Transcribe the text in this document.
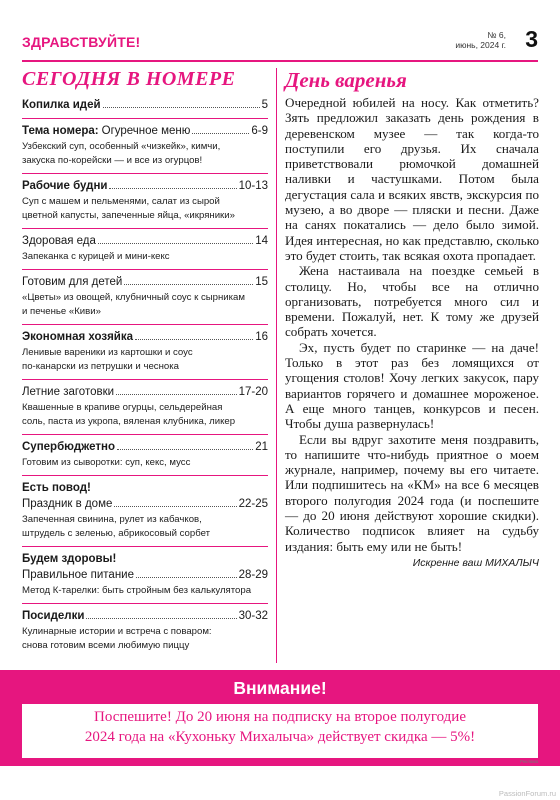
ЗДРАВСТВУЙТЕ!	№ 6,
июнь, 2024 г. 3
СЕГОДНЯ В НОМЕРЕ
Копилка идей	5
Тема номера: Огуречное меню	6-9
Узбекский суп, особенный «чизкейк», кимчи,
закуска по-корейски — и все из огурцов!
Рабочие будни	10-13
Суп с машем и пельменями, салат из сырой
цветной капусты, запеченные яйца, «икряники»
Здоровая еда	14
Запеканка с курицей и мини-кекс
Готовим для детей	15
«Цветы» из овощей, клубничный соус к сырникам
и печенье «Киви»
Экономная хозяйка	16
Ленивые вареники из картошки и соус
по-канарски из петрушки и чеснока
Летние заготовки	17-20
Квашенные в крапиве огурцы, сельдерейная
соль, паста из укропа, вяленая клубника, ликер
Супербюджетно	21
Готовим из сыворотки: суп, кекс, мусс
Есть повод!
Праздник в доме	22-25
Запеченная свинина, рулет из кабачков,
штрудель с зеленью, абрикосовый сорбет
Будем здоровы!
Правильное питание	28-29
Метод К-тарелки: быть стройным без калькулятора
Посиделки	30-32
Кулинарные истории и встреча с поваром:
снова готовим всеми любимую пиццу
День варенья

Очередной юбилей на носу. Как отметить? Зять предложил заказать день рождения в деревенском музее — так когда-то поступили его друзья. Их сначала приветствовали рюмочкой домашней наливки и частушками. Потом была дегустация сала и всяких явств, экскурсия по музею, а во дворе — пляски и песни. Даже на санях покатались — дело было зимой. Идея интересная, но как представлю, сколько это будет стоить, так всякая охота пропадает.

Жена настаивала на поездке семьей в столицу. Но, чтобы все на отлично организовать, потребуется много сил и времени. Пожалуй, нет. К тому же друзей собрать хочется.

Эх, пусть будет по старинке — на даче! Только в этот раз без ломящихся от угощения столов! Хочу легких закусок, пару вариантов горячего и домашнее мороженое. А еще много танцев, конкурсов и песен. Чтобы душа развернулась!

Если вы вдруг захотите меня поздравить, то напишите что-нибудь приятное о моем журнале, например, почему вы его читаете. Или подпишитесь на «КМ» на все 6 месяцев второго полугодия 2024 года (и поспешите — до 20 июня действуют хорошие скидки). Количество подписок влияет на судьбу издания: быть ему или не быть!

Искренне ваш МИХАЛЫЧ
Внимание!
Поспешите! До 20 июня на подписку на второе полугодие
2024 года на «Кухоньку Михалыча» действует скидка — 5%!
Реклама
PassionForum.ru
